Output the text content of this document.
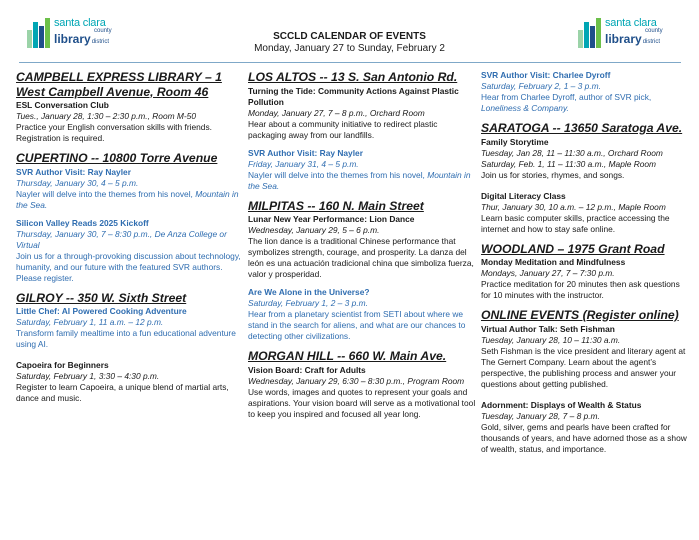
santa clara
county
librarydistrict
santa clara
county
librarydistrict
SCCLD CALENDAR OF EVENTS
Monday, January 27 to Sunday, February 2
CAMPBELL EXPRESS LIBRARY – 1 West Campbell Avenue, Room 46
ESL Conversation Club
Tues., January 28, 1:30 – 2:30 p.m., Room M-50
Practice your English conversation skills with friends. Registration is required.
CUPERTINO -- 10800 Torre Avenue
SVR Author Visit: Ray Nayler
Thursday, January 30, 4 – 5 p.m.
Nayler will delve into the themes from his novel, Mountain in the Sea.
Silicon Valley Reads 2025 Kickoff
Thursday, January 30, 7 – 8:30 p.m., De Anza College or Virtual
Join us for a through-provoking discussion about technology, humanity, and our future with the featured SVR authors. Please register.
GILROY -- 350 W. Sixth Street
Little Chef: AI Powered Cooking Adventure
Saturday, February 1, 11 a.m. – 12 p.m.
Transform family mealtime into a fun educational adventure using AI.
Capoeira for Beginners
Saturday, February 1, 3:30 – 4:30 p.m.
Register to learn Capoeira, a unique blend of martial arts, dance and music.
LOS ALTOS -- 13 S. San Antonio Rd.
Turning the Tide: Community Actions Against Plastic Pollution
Monday, January 27, 7 – 8 p.m., Orchard Room
Hear about a community initiative to redirect plastic packaging away from our landfills.
SVR Author Visit: Ray Nayler
Friday, January 31, 4 – 5 p.m.
Nayler will delve into the themes from his novel, Mountain in the Sea.
MILPITAS -- 160 N. Main Street
Lunar New Year Performance: Lion Dance
Wednesday, January 29, 5 – 6 p.m.
The lion dance is a traditional Chinese performance that symbolizes strength, courage, and prosperity. La danza del león es una actuación tradicional china que simboliza fuerza, valor y prosperidad.
Are We Alone in the Universe?
Saturday, February 1, 2 – 3 p.m.
Hear from a planetary scientist from SETI about where we stand in the search for aliens, and what are our chances to detecting other civilizations.
MORGAN HILL -- 660 W. Main Ave.
Vision Board: Craft for Adults
Wednesday, January 29, 6:30 – 8:30 p.m., Program Room
Use words, images and quotes to represent your goals and aspirations. Your vision board will serve as a motivational tool to keep you inspired and focused all year long.
SVR Author Visit: Charlee Dyroff
Saturday, February 2, 1 – 3 p.m.
Hear from Charlee Dyroff, author of SVR pick, Loneliness & Company.
SARATOGA -- 13650 Saratoga Ave.
Family Storytime
Tuesday, Jan 28, 11 – 11:30 a.m., Orchard Room
Saturday, Feb. 1, 11 – 11:30 a.m., Maple Room
Join us for stories, rhymes, and songs.
Digital Literacy Class
Thur, January 30, 10 a.m. – 12 p.m., Maple Room
Learn basic computer skills, practice accessing the internet and how to stay safe online.
WOODLAND – 1975 Grant Road
Monday Meditation and Mindfulness
Mondays, January 27, 7 – 7:30 p.m.
Practice meditation for 20 minutes then ask questions for 10 minutes with the instructor.
ONLINE EVENTS (Register online)
Virtual Author Talk: Seth Fishman
Tuesday, January 28, 10 – 11:30 a.m.
Seth Fishman is the vice president and literary agent at The Gernert Company. Learn about the agent’s perspective, the publishing process and answer your questions about getting published.
Adornment: Displays of Wealth & Status
Tuesday, January 28, 7 – 8 p.m.
Gold, silver, gems and pearls have been crafted for thousands of years, and have adorned those as a show of wealth, status, and importance.
